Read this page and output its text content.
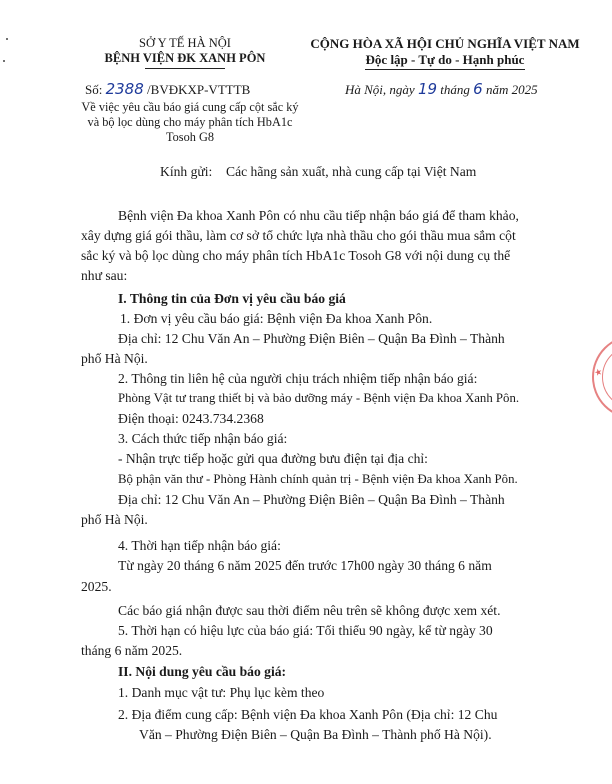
SỞ Y TẾ HÀ NỘI
BỆNH VIỆN ĐK XANH PÔN
Số: 2388 /BVĐKXP-VTTTB
Về việc yêu cầu báo giá cung cấp cột sắc ký
và bộ lọc dùng cho máy phân tích HbA1c
Tosoh G8
CỘNG HÒA XÃ HỘI CHỦ NGHĨA VIỆT NAM
Độc lập - Tự do - Hạnh phúc
Hà Nội, ngày 19 tháng 6 năm 2025
Kính gửi: Các hãng sản xuất, nhà cung cấp tại Việt Nam
Bệnh viện Đa khoa Xanh Pôn có nhu cầu tiếp nhận báo giá để tham khảo,
xây dựng giá gói thầu, làm cơ sở tổ chức lựa nhà thầu cho gói thầu mua sắm cột
sắc ký và bộ lọc dùng cho máy phân tích HbA1c Tosoh G8 với nội dung cụ thể
như sau:
I. Thông tin của Đơn vị yêu cầu báo giá
1. Đơn vị yêu cầu báo giá: Bệnh viện Đa khoa Xanh Pôn.
Địa chỉ: 12 Chu Văn An – Phường Điện Biên – Quận Ba Đình – Thành
phố Hà Nội.
2. Thông tin liên hệ của người chịu trách nhiệm tiếp nhận báo giá:
Phòng Vật tư trang thiết bị và bảo dưỡng máy - Bệnh viện Đa khoa Xanh Pôn.
Điện thoại: 0243.734.2368
3. Cách thức tiếp nhận báo giá:
- Nhận trực tiếp hoặc gửi qua đường bưu điện tại địa chỉ:
Bộ phận văn thư - Phòng Hành chính quản trị - Bệnh viện Đa khoa Xanh Pôn.
Địa chỉ: 12 Chu Văn An – Phường Điện Biên – Quận Ba Đình – Thành
phố Hà Nội.
4. Thời hạn tiếp nhận báo giá:
Từ ngày 20 tháng 6 năm 2025 đến trước 17h00 ngày 30 tháng 6 năm
2025.
Các báo giá nhận được sau thời điểm nêu trên sẽ không được xem xét.
5. Thời hạn có hiệu lực của báo giá: Tối thiểu 90 ngày, kể từ ngày 30
tháng 6 năm 2025.
II. Nội dung yêu cầu báo giá:
1. Danh mục vật tư: Phụ lục kèm theo
2. Địa điểm cung cấp: Bệnh viện Đa khoa Xanh Pôn (Địa chỉ: 12 Chu
Văn – Phường Điện Biên – Quận Ba Đình – Thành phố Hà Nội).
★
